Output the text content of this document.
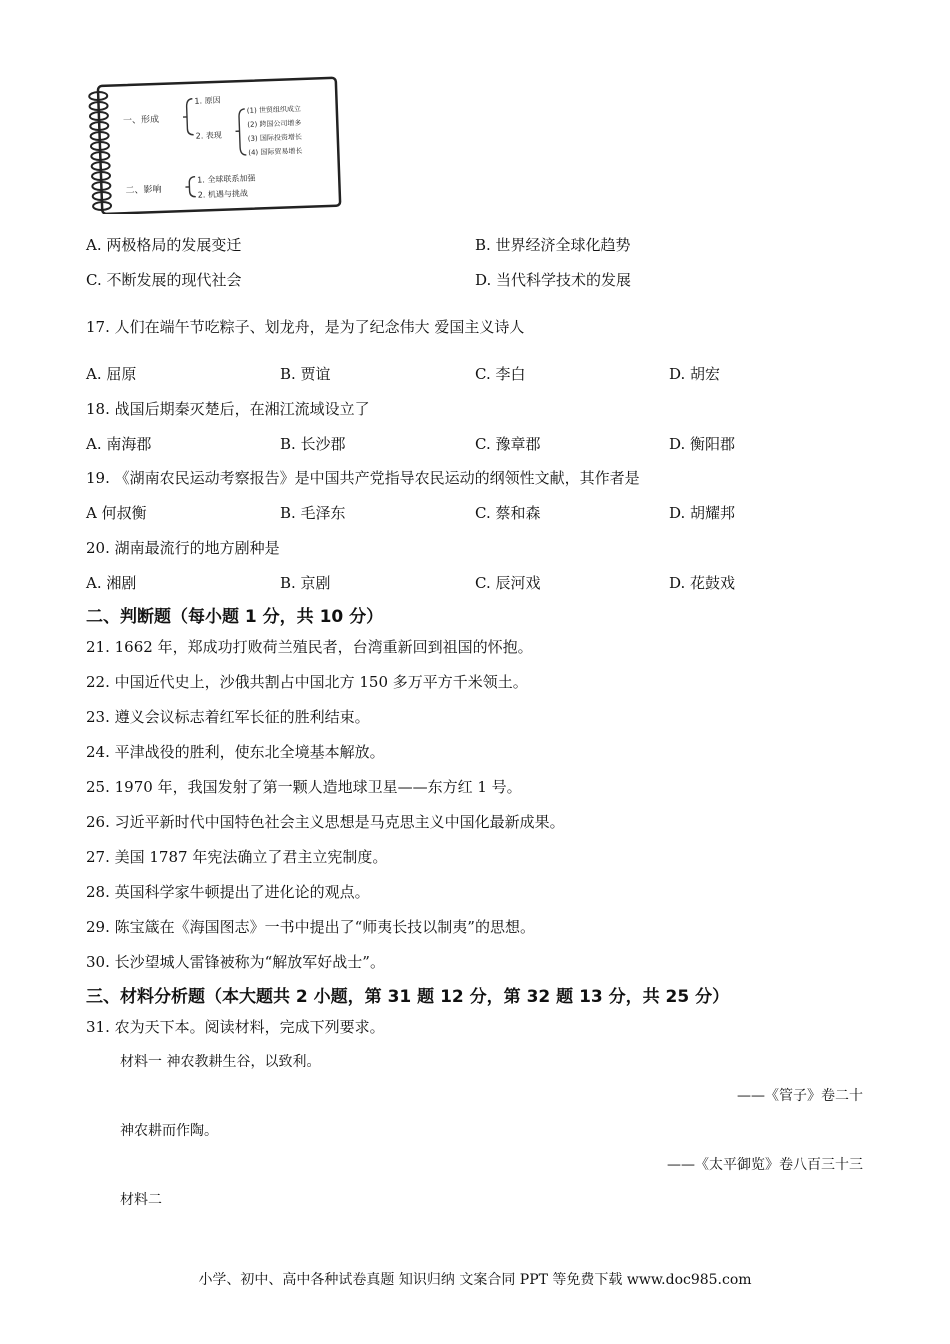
一、形成
1. 原因
2. 表现
(1) 世贸组织成立
(2) 跨国公司增多
(3) 国际投资增长
(4) 国际贸易增长
二、影响
1. 全球联系加强
2. 机遇与挑战
A. 两极格局的发展变迁	B. 世界经济全球化趋势
C. 不断发展的现代社会	D. 当代科学技术的发展
17. 人们在端午节吃粽子、划龙舟，是为了纪念伟大 爱国主义诗人
A. 屈原	B. 贾谊	C. 李白	D. 胡宏
18. 战国后期秦灭楚后，在湘江流域设立了
A. 南海郡	B. 长沙郡	C. 豫章郡	D. 衡阳郡
19. 《湖南农民运动考察报告》是中国共产党指导农民运动的纲领性文献，其作者是
A 何叔衡	B. 毛泽东	C. 蔡和森	D. 胡耀邦
20. 湖南最流行的地方剧种是
A. 湘剧	B. 京剧	C. 辰河戏	D. 花鼓戏
二、判断题（每小题 1 分，共 10 分）
21. 1662 年，郑成功打败荷兰殖民者，台湾重新回到祖国的怀抱。
22. 中国近代史上，沙俄共割占中国北方 150 多万平方千米领土。
23. 遵义会议标志着红军长征的胜利结束。
24. 平津战役的胜利，使东北全境基本解放。
25. 1970 年，我国发射了第一颗人造地球卫星——东方红 1 号。
26. 习近平新时代中国特色社会主义思想是马克思主义中国化最新成果。
27. 美国 1787 年宪法确立了君主立宪制度。
28. 英国科学家牛顿提出了进化论的观点。
29. 陈宝箴在《海国图志》一书中提出了“师夷长技以制夷”的思想。
30. 长沙望城人雷锋被称为“解放军好战士”。
三、材料分析题（本大题共 2 小题，第 31 题 12 分，第 32 题 13 分，共 25 分）
31. 农为天下本。阅读材料，完成下列要求。
材料一 神农教耕生谷，以致利。
——《管子》卷二十
神农耕而作陶。
——《太平御览》卷八百三十三
材料二
小学、初中、高中各种试卷真题 知识归纳 文案合同 PPT 等免费下载 www.doc985.com
